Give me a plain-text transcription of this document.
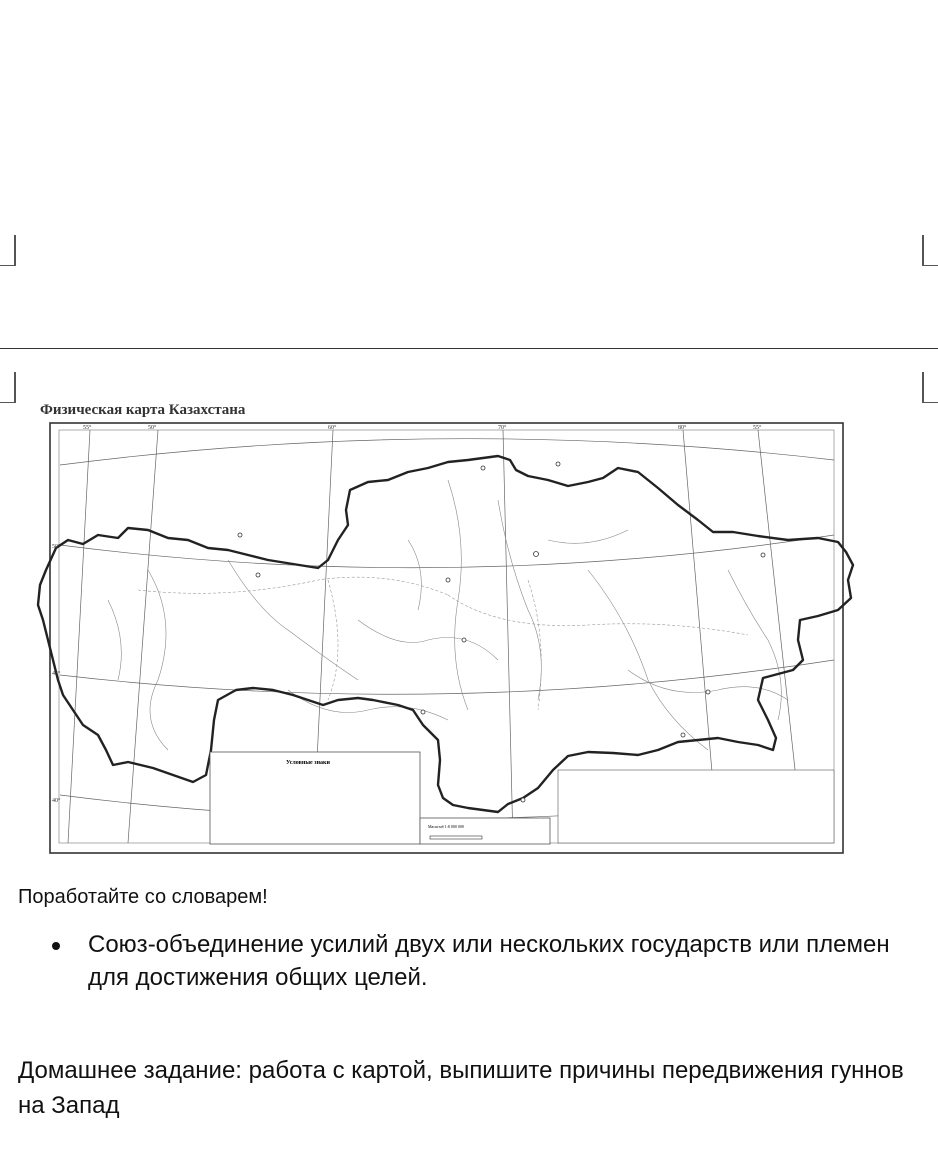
Физическая карта Казахстана
Условные знаки
Масштаб 1:8 000 000
55°	50°	60°	70°	80°	55°
50°
45°
40°
Поработайте со словарем!
Союз-объединение усилий двух или нескольких государств или племен для достижения общих целей.
Домашнее задание: работа с картой, выпишите причины передвижения гуннов на Запад
